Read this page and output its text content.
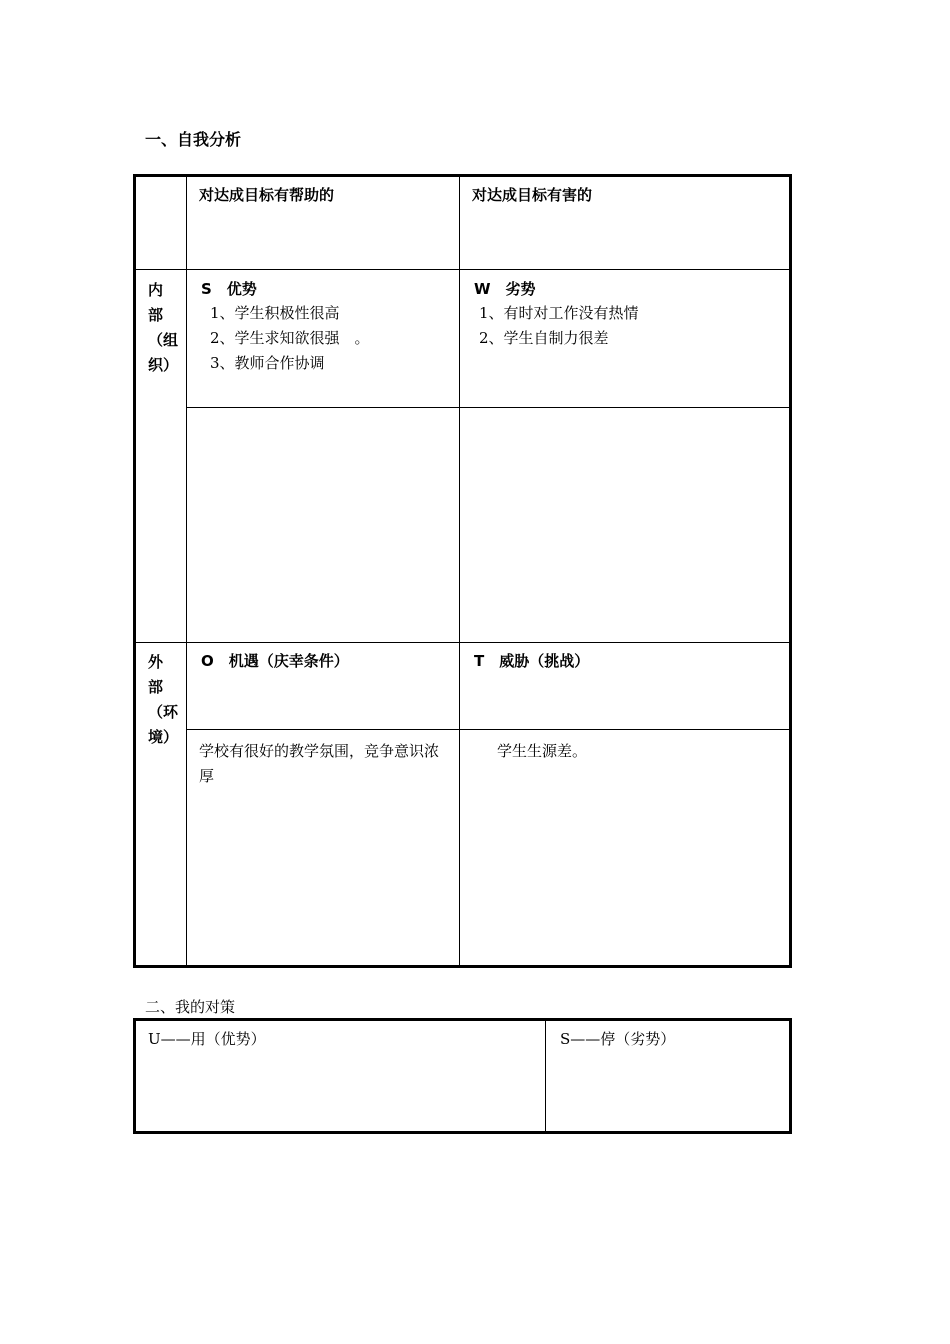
一、自我分析
对达成目标有帮助的	对达成目标有害的
内
部
（组
织）
S　优势
1、学生积极性很高
2、学生求知欲很强　。
3、教师合作协调
W　劣势
1、有时对工作没有热情
2、学生自制力很差
外
部
（环
境）
O　机遇（庆幸条件）
学校有很好的教学氛围，竞争意识浓厚
T　威胁（挑战）
学生生源差。
二、我的对策
U——用（优势）	S——停（劣势）
